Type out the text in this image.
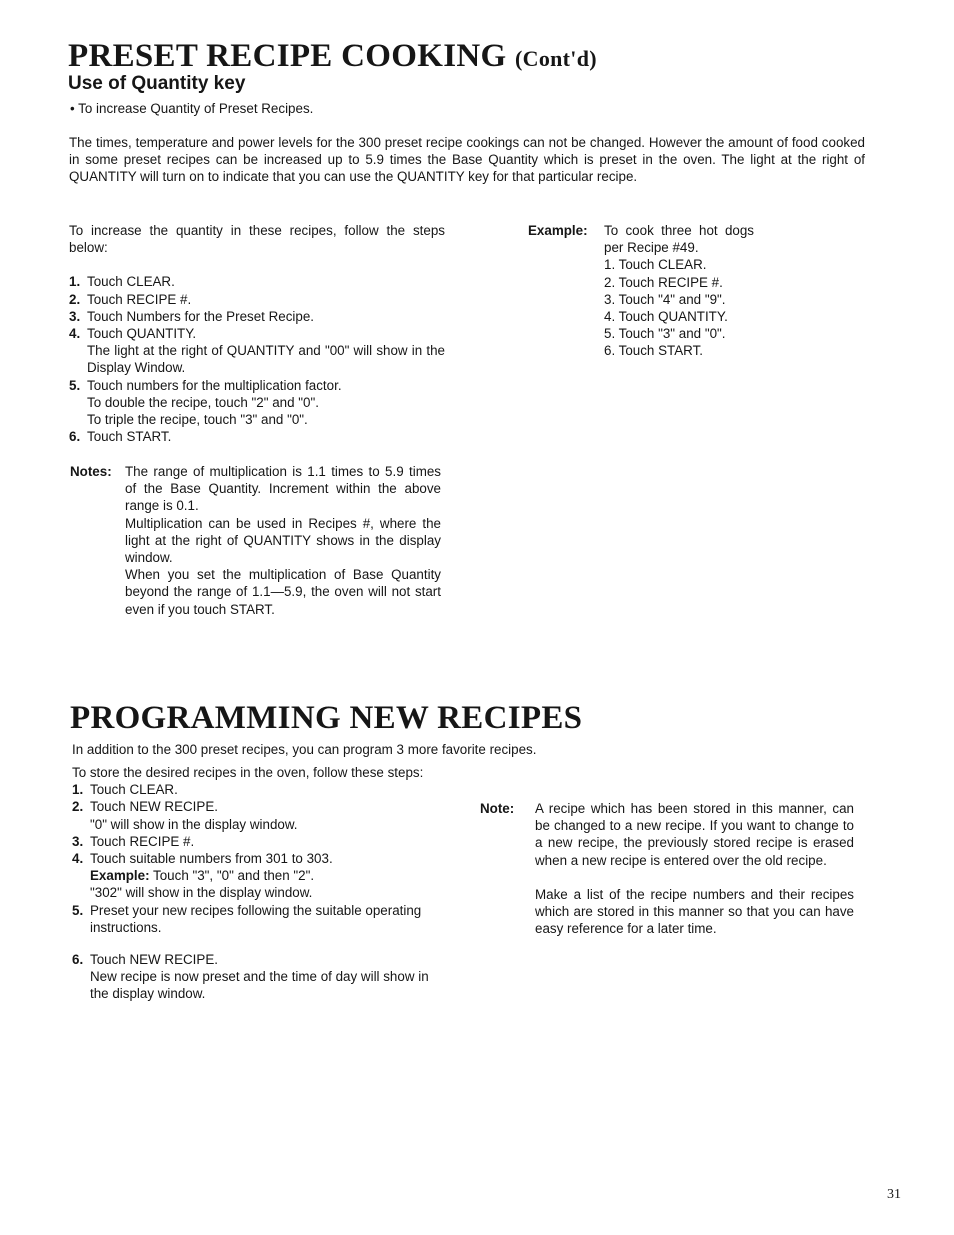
PRESET RECIPE COOKING (Cont'd)
Use of Quantity key
• To increase Quantity of Preset Recipes.

The times, temperature and power levels for the 300 preset recipe cookings can not be changed. However the amount of food cooked in some preset recipes can be increased up to 5.9 times the Base Quantity which is preset in the oven. The light at the right of QUANTITY will turn on to indicate that you can use the QUANTITY key for that particular recipe.

To increase the quantity in these recipes, follow the steps below:

1. Touch CLEAR.
2. Touch RECIPE #.
3. Touch Numbers for the Preset Recipe.
4. Touch QUANTITY.

The light at the right of QUANTITY and "00" will show in the Display Window.

5. Touch numbers for the multiplication factor.

To double the recipe, touch "2" and "0".

To triple the recipe, touch "3" and "0".

6. Touch START.
Notes: The range of multiplication is 1.1 times to 5.9 times of the Base Quantity. Increment within the above range is 0.1.

Multiplication can be used in Recipes #, where the light at the right of QUANTITY shows in the display window.

When you set the multiplication of Base Quantity beyond the range of 1.1—5.9, the oven will not start even if you touch START.

Example: To cook three hot dogs per Recipe #49.

1. Touch CLEAR.

2. Touch RECIPE #.

3. Touch "4" and "9".

4. Touch QUANTITY.

5. Touch "3" and "0".

6. Touch START.

PROGRAMMING NEW RECIPES
In addition to the 300 preset recipes, you can program 3 more favorite recipes.

To store the desired recipes in the oven, follow these steps:

1. Touch CLEAR.
2. Touch NEW RECIPE.

"0" will show in the display window.

3. Touch RECIPE #.
4. Touch suitable numbers from 301 to 303.

Example: Touch "3", "0" and then "2".

"302" will show in the display window.

5. Preset your new recipes following the suitable operating instructions.
6. Touch NEW RECIPE.

New recipe is now preset and the time of day will show in the display window.

Note: A recipe which has been stored in this manner, can be changed to a new recipe. If you want to change to a new recipe, the previously stored recipe is erased when a new recipe is entered over the old recipe.

Make a list of the recipe numbers and their recipes which are stored in this manner so that you can have easy reference for a later time.

31
